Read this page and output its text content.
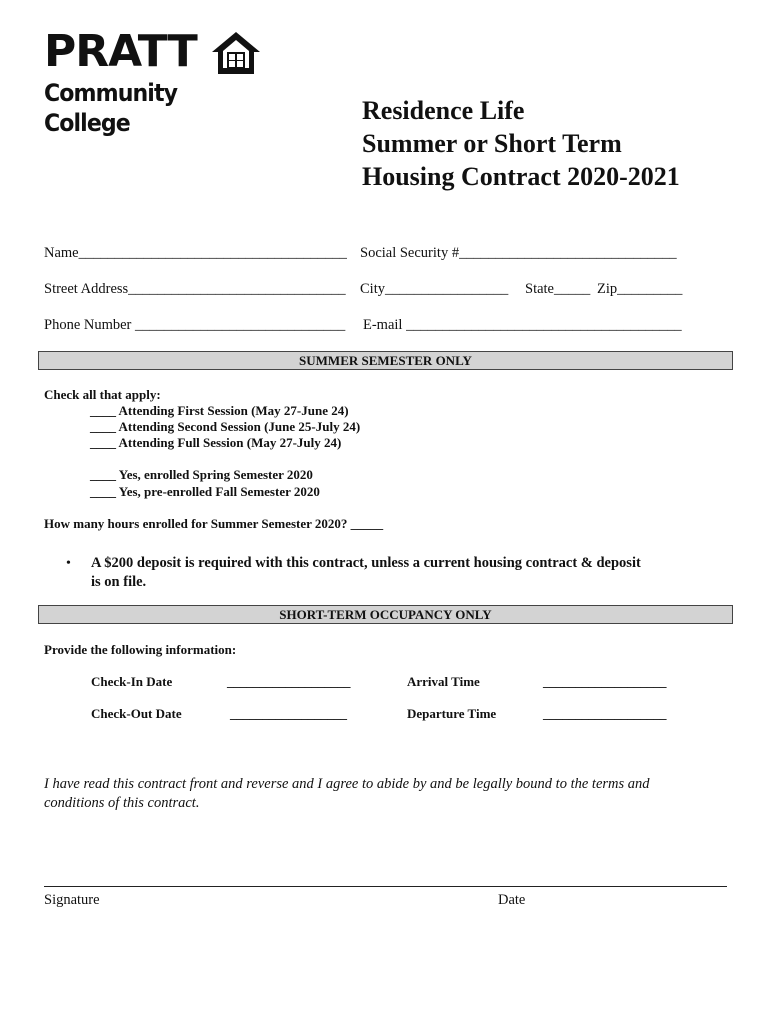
PRATT
Community College	Residence Life
Summer or Short Term
Housing Contract 2020-2021
Name_____________________________________ Social Security #______________________________
Street Address______________________________ City_________________ State_____ Zip_________
Phone Number _____________________________ E-mail ______________________________________
SUMMER SEMESTER ONLY
Check all that apply:
____ Attending First Session (May 27-June 24)
____ Attending Second Session (June 25-July 24)
____ Attending Full Session (May 27-July 24)
____ Yes, enrolled Spring Semester 2020
____ Yes, pre-enrolled Fall Semester 2020
How many hours enrolled for Summer Semester 2020? _____
• A $200 deposit is required with this contract, unless a current housing contract & deposit
is on file.
SHORT-TERM OCCUPANCY ONLY
Provide the following information:
Check-In Date	___________________	Arrival Time	___________________
Check-Out Date	__________________	Departure Time	___________________
I have read this contract front and reverse and I agree to abide by and be legally bound to the terms and conditions of this contract.
Signature	Date
